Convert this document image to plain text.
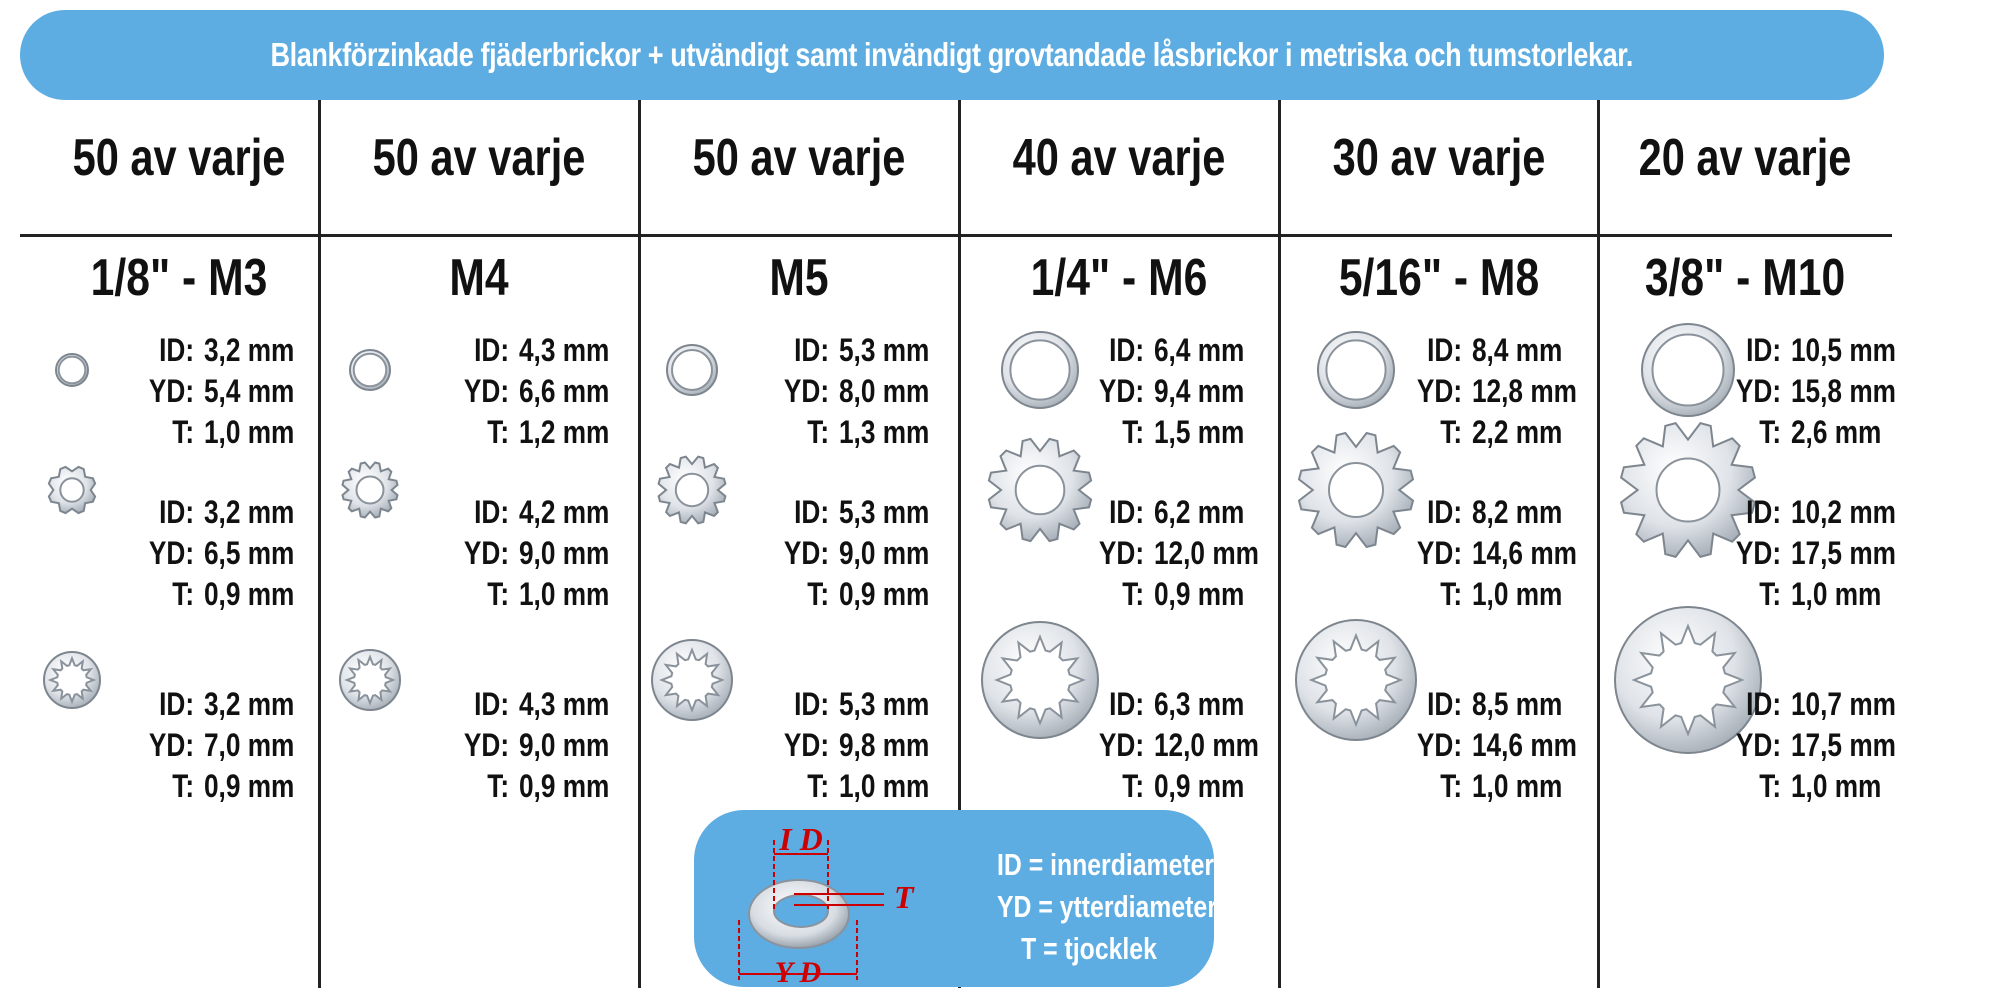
Blankförzinkade fjäderbrickor + utvändigt samt invändigt grovtandade låsbrickor i metriska och tumstorlekar.
50 av varje
1/8" - M3
50 av varje
M4
50 av varje
M5
40 av varje
1/4" - M6
30 av varje
5/16" - M8
20 av varje
3/8" - M10
I D
T
Y D
ID = innerdiameter
YD = ytterdiameter
T = tjocklek
ID: 3,2 mm
YD: 5,4 mm
T: 1,0 mm
ID: 3,2 mm
YD: 6,5 mm
T: 0,9 mm
ID: 3,2 mm
YD: 7,0 mm
T: 0,9 mm
ID: 4,3 mm
YD: 6,6 mm
T: 1,2 mm
ID: 4,2 mm
YD: 9,0 mm
T: 1,0 mm
ID: 4,3 mm
YD: 9,0 mm
T: 0,9 mm
ID: 5,3 mm
YD: 8,0 mm
T: 1,3 mm
ID: 5,3 mm
YD: 9,0 mm
T: 0,9 mm
ID: 5,3 mm
YD: 9,8 mm
T: 1,0 mm
ID: 6,4 mm
YD: 9,4 mm
T: 1,5 mm
ID: 6,2 mm
YD: 12,0 mm
T: 0,9 mm
ID: 6,3 mm
YD: 12,0 mm
T: 0,9 mm
ID: 8,4 mm
YD: 12,8 mm
T: 2,2 mm
ID: 8,2 mm
YD: 14,6 mm
T: 1,0 mm
ID: 8,5 mm
YD: 14,6 mm
T: 1,0 mm
ID: 10,5 mm
YD: 15,8 mm
T: 2,6 mm
ID: 10,2 mm
YD: 17,5 mm
T: 1,0 mm
ID: 10,7 mm
YD: 17,5 mm
T: 1,0 mm
